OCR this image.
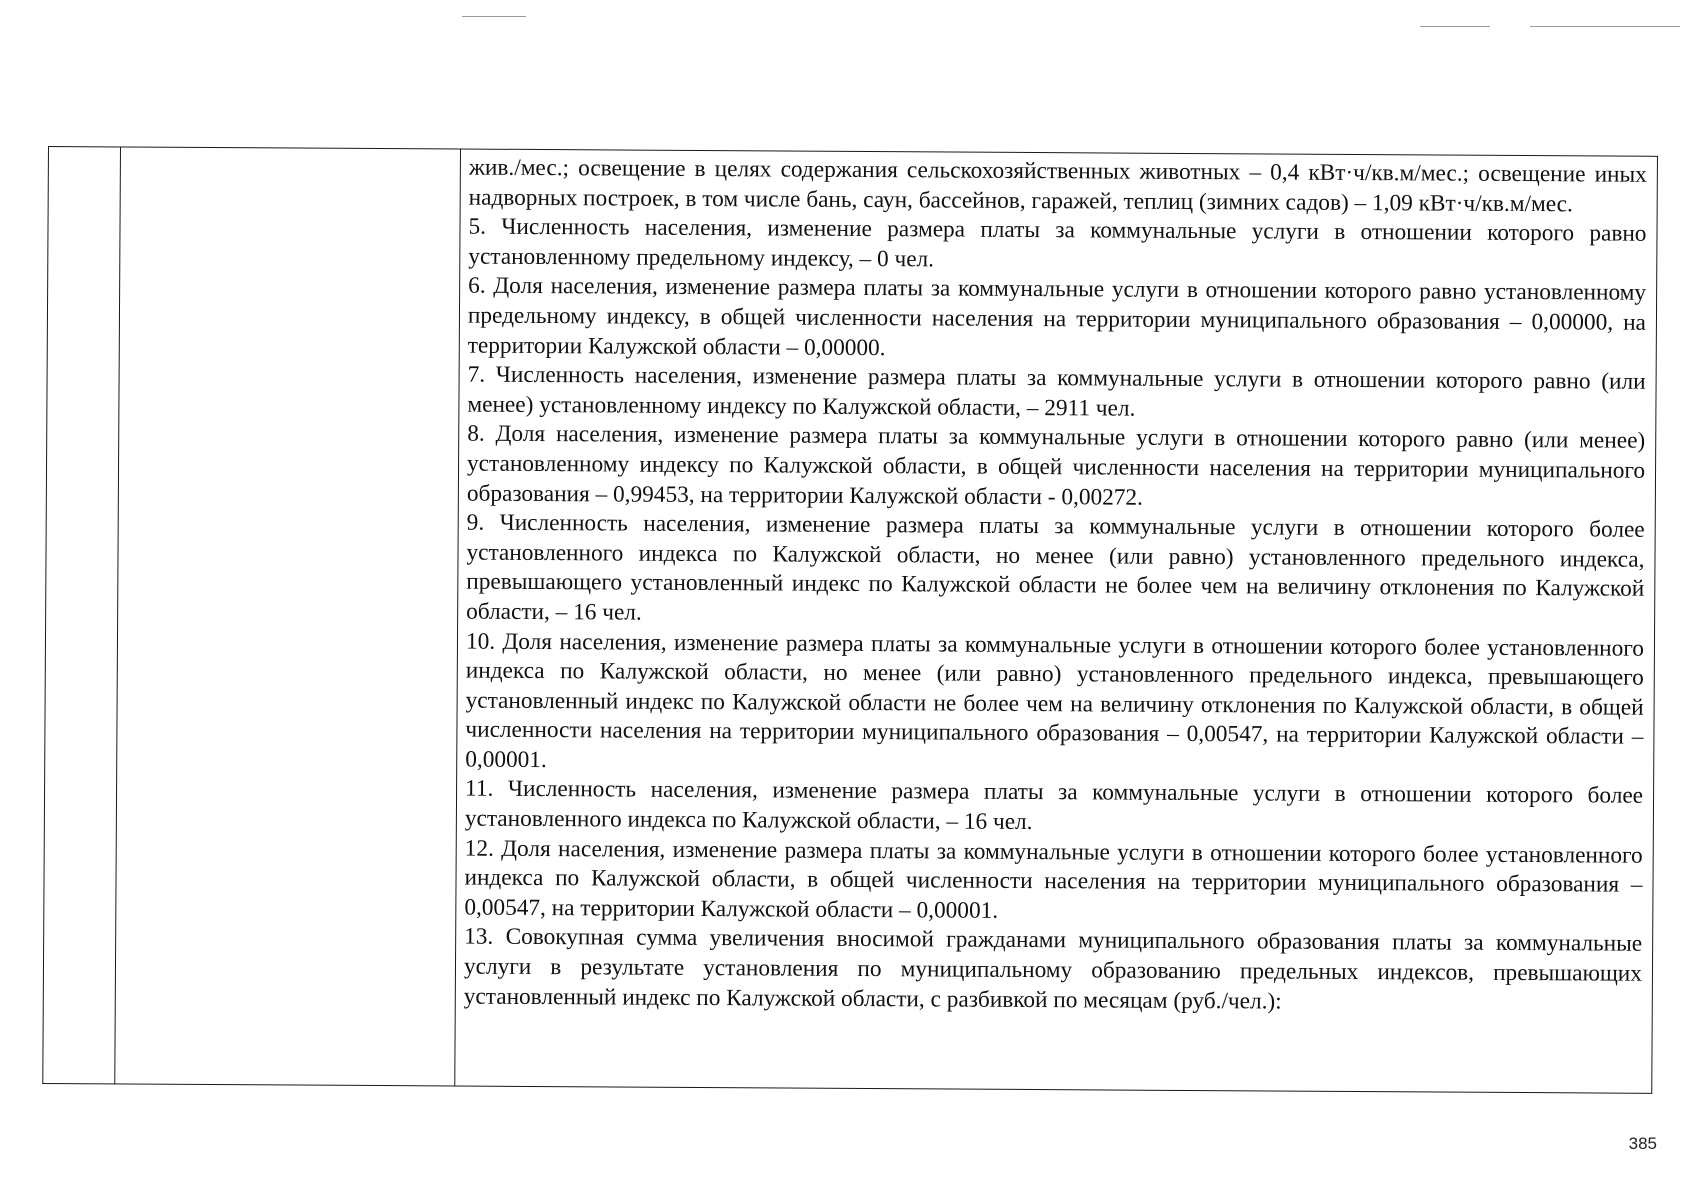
жив./мес.; освещение в целях содержания сельскохозяйственных животных – 0,4 кВт·ч/кв.м/мес.; освещение иных надворных построек, в том числе бань, саун, бассейнов, гаражей, теплиц (зимних садов) – 1,09 кВт·ч/кв.м/мес.

5. Численность населения, изменение размера платы за коммунальные услуги в отношении которого равно установленному предельному индексу, – 0 чел.

6. Доля населения, изменение размера платы за коммунальные услуги в отношении которого равно установленному предельному индексу, в общей численности населения на территории муниципального образования – 0,00000, на территории Калужской области – 0,00000.

7. Численность населения, изменение размера платы за коммунальные услуги в отношении которого равно (или менее) установленному индексу по Калужской области, – 2911 чел.

8. Доля населения, изменение размера платы за коммунальные услуги в отношении которого равно (или менее) установленному индексу по Калужской области, в общей численности населения на территории муниципального образования – 0,99453, на территории Калужской области - 0,00272.

9. Численность населения, изменение размера платы за коммунальные услуги в отношении которого более установленного индекса по Калужской области, но менее (или равно) установленного предельного индекса, превышающего установленный индекс по Калужской области не более чем на величину отклонения по Калужской области, – 16 чел.

10. Доля населения, изменение размера платы за коммунальные услуги в отношении которого более установленного индекса по Калужской области, но менее (или равно) установленного предельного индекса, превышающего установленный индекс по Калужской области не более чем на величину отклонения по Калужской области, в общей численности населения на территории муниципального образования – 0,00547, на территории Калужской области – 0,00001.

11. Численность населения, изменение размера платы за коммунальные услуги в отношении которого более установленного индекса по Калужской области, – 16 чел.

12. Доля населения, изменение размера платы за коммунальные услуги в отношении которого более установленного индекса по Калужской области, в общей численности населения на территории муниципального образования – 0,00547, на территории Калужской области – 0,00001.

13. Совокупная сумма увеличения вносимой гражданами муниципального образования платы за коммунальные услуги в результате установления по муниципальному образованию предельных индексов, превышающих установленный индекс по Калужской области, с разбивкой по месяцам (руб./чел.):

385
